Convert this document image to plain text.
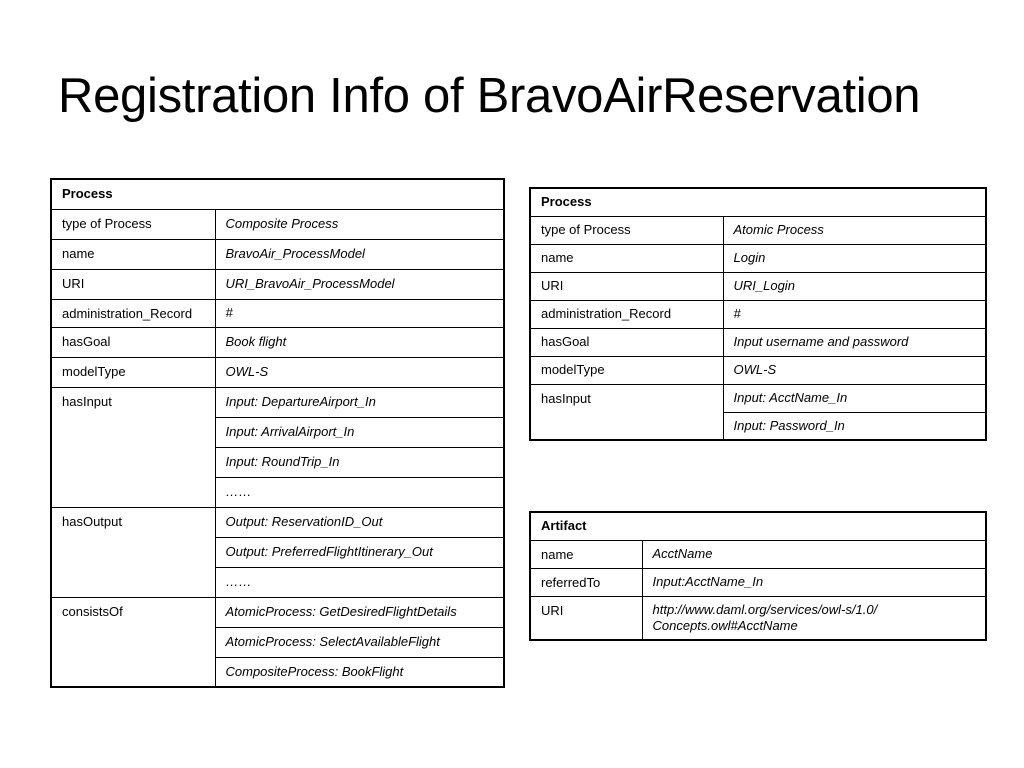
Registration Info of BravoAirReservation
Process	
type of Process	Composite Process
name	BravoAir_ProcessModel
URI	URI_BravoAir_ProcessModel
administration_Record	#
hasGoal	Book flight
modelType	OWL-S
hasInput	Input: DepartureAirport_In
	Input: ArrivalAirport_In
	Input: RoundTrip_In
	……
hasOutput	Output: ReservationID_Out
	Output: PreferredFlightItinerary_Out
	……
consistsOf	AtomicProcess: GetDesiredFlightDetails
	AtomicProcess: SelectAvailableFlight
	CompositeProcess: BookFlight
Process	
type of Process	Atomic Process
name	Login
URI	URI_Login
administration_Record	#
hasGoal	Input username and password
modelType	OWL-S
hasInput	Input: AcctName_In
	Input: Password_In
Artifact	
name	AcctName
referredTo	Input:AcctName_In
URI	http://www.daml.org/services/owl-s/1.0/
Concepts.owl#AcctName
